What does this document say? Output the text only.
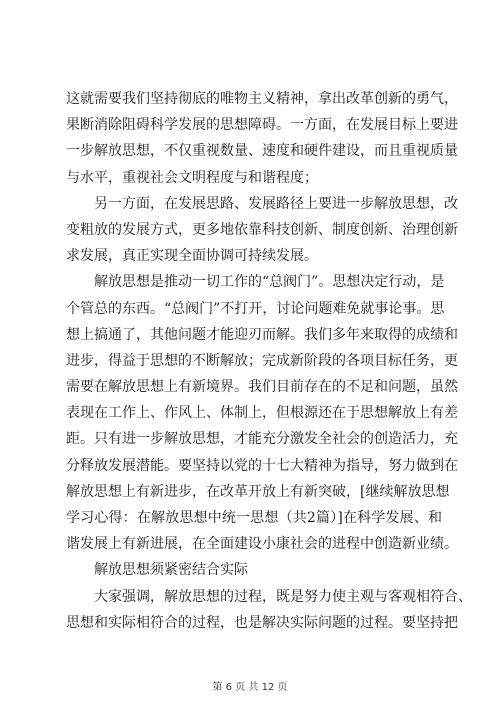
这就需要我们坚持彻底的唯物主义精神，拿出改革创新的勇气，
果断消除阻碍科学发展的思想障碍。一方面，在发展目标上要进
一步解放思想，不仅重视数量、速度和硬件建设，而且重视质量
与水平，重视社会文明程度与和谐程度；
另一方面，在发展思路、发展路径上要进一步解放思想，改
变粗放的发展方式，更多地依靠科技创新、制度创新、治理创新
求发展，真正实现全面协调可持续发展。
解放思想是推动一切工作的“总阀门”。思想决定行动，是
个管总的东西。“总阀门”不打开，讨论问题难免就事论事。思
想上搞通了，其他问题才能迎刃而解。我们多年来取得的成绩和
进步，得益于思想的不断解放；完成新阶段的各项目标任务，更
需要在解放思想上有新境界。我们目前存在的不足和问题，虽然
表现在工作上、作风上、体制上，但根源还在于思想解放上有差
距。只有进一步解放思想，才能充分激发全社会的创造活力，充
分释放发展潜能。要坚持以党的十七大精神为指导，努力做到在
解放思想上有新进步，在改革开放上有新突破，[继续解放思想
学习心得：在解放思想中统一思想（共2篇）]在科学发展、和
谐发展上有新进展，在全面建设小康社会的进程中创造新业绩。
解放思想须紧密结合实际
大家强调，解放思想的过程，既是努力使主观与客观相符合、
思想和实际相符合的过程，也是解决实际问题的过程。要坚持把
第 6 页 共 12 页
